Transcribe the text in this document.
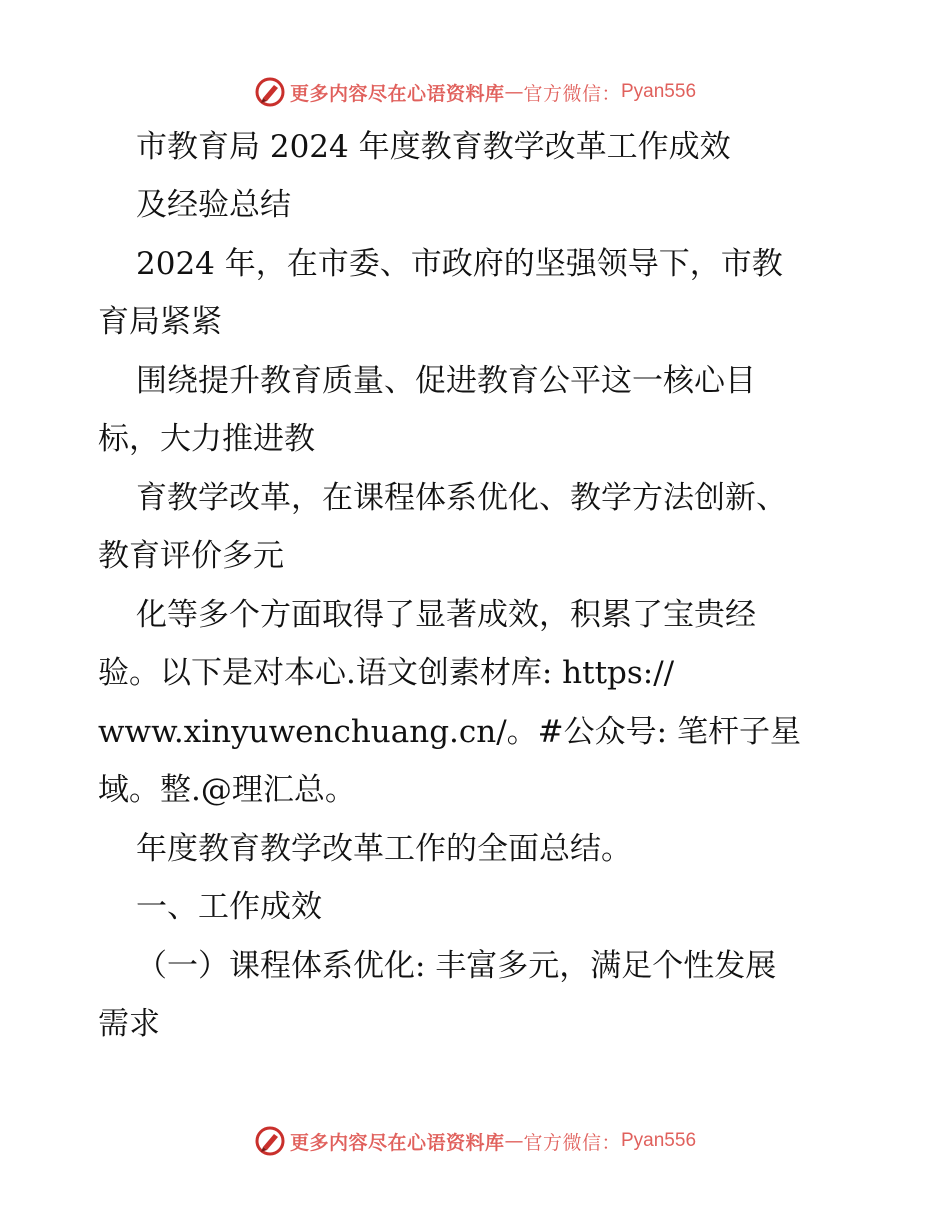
更多内容尽在心语资料库 — 官方微信： Pyan556
市教育局 2024 年度教育教学改革工作成效
及经验总结
2024 年，在市委、市政府的坚强领导下，市教
育局紧紧
围绕提升教育质量、促进教育公平这一核心目
标，大力推进教
育教学改革，在课程体系优化、教学方法创新、
教育评价多元
化等多个方面取得了显著成效，积累了宝贵经
验。以下是对本心.语文创素材库: https://
www.xinyuwenchuang.cn/。#公众号: 笔杆子星
域。整.@理汇总。
年度教育教学改革工作的全面总结。
一、工作成效
（一）课程体系优化: 丰富多元，满足个性发展
需求
更多内容尽在心语资料库 — 官方微信： Pyan556
